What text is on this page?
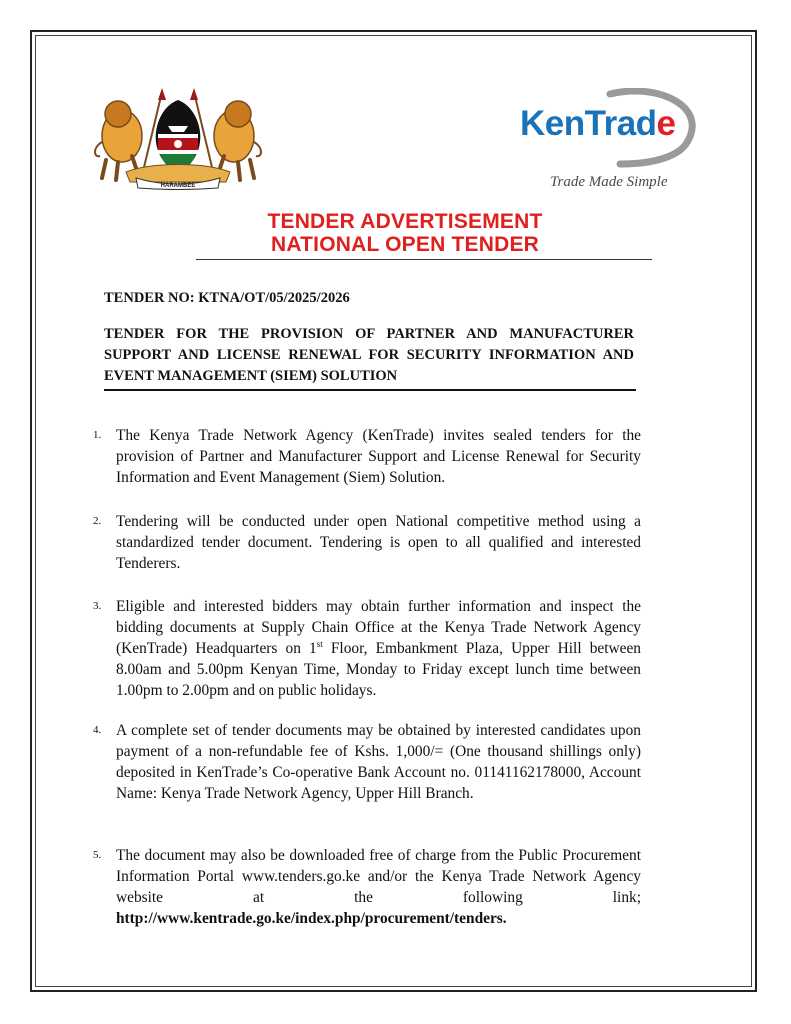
HARAMBEE
KenTrade
Trade Made Simple
TENDER ADVERTISEMENT
NATIONAL OPEN TENDER
TENDER NO: KTNA/OT/05/2025/2026
TENDER FOR THE PROVISION OF PARTNER AND MANUFACTURER SUPPORT AND LICENSE RENEWAL FOR SECURITY INFORMATION AND EVENT MANAGEMENT (SIEM) SOLUTION
1. The Kenya Trade Network Agency (KenTrade) invites sealed tenders for the provision of Partner and Manufacturer Support and License Renewal for Security Information and Event Management (Siem) Solution.
2. Tendering will be conducted under open National competitive method using a standardized tender document. Tendering is open to all qualified and interested Tenderers.
3. Eligible and interested bidders may obtain further information and inspect the bidding documents at Supply Chain Office at the Kenya Trade Network Agency (KenTrade) Headquarters on 1st Floor, Embankment Plaza, Upper Hill between 8.00am and 5.00pm Kenyan Time, Monday to Friday except lunch time between 1.00pm to 2.00pm and on public holidays.
4. A complete set of tender documents may be obtained by interested candidates upon payment of a non-refundable fee of Kshs. 1,000/= (One thousand shillings only) deposited in KenTrade’s Co-operative Bank Account no. 01141162178000, Account Name: Kenya Trade Network Agency, Upper Hill Branch.
5. The document may also be downloaded free of charge from the Public Procurement Information Portal www.tenders.go.ke and/or the Kenya Trade Network Agency website at the following link; http://www.kentrade.go.ke/index.php/procurement/tenders.
